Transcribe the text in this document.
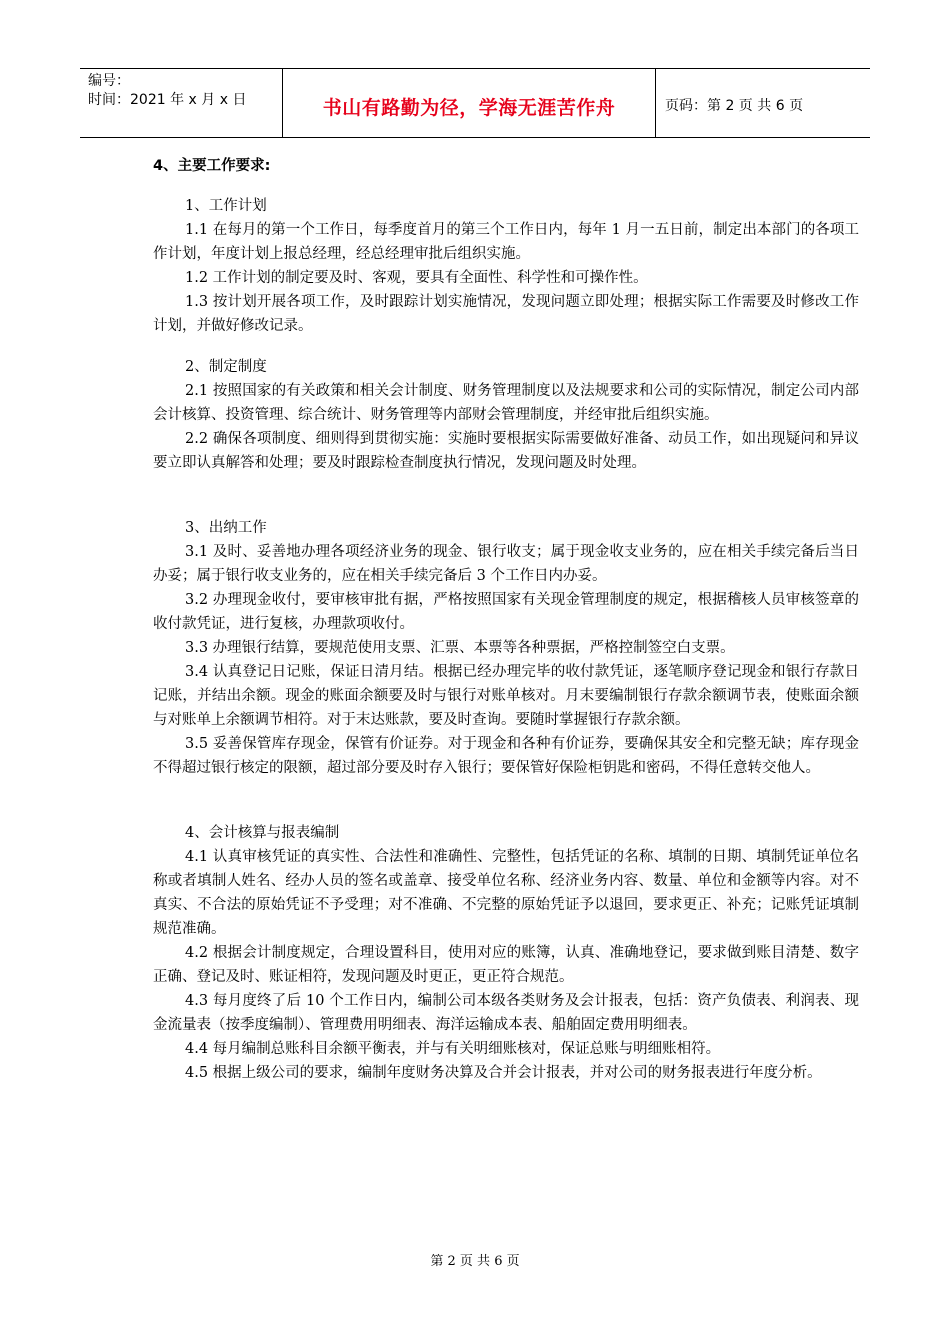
编号：
时间：2021 年 x 月 x 日	书山有路勤为径，学海无涯苦作舟	页码：第 2 页 共 6 页
4、主要工作要求:

1、工作计划

1.1 在每月的第一个工作日，每季度首月的第三个工作日内，每年 1 月一五日前，制定出本部门的各项工作计划，年度计划上报总经理，经总经理审批后组织实施。

1.2 工作计划的制定要及时、客观，要具有全面性、科学性和可操作性。

1.3 按计划开展各项工作，及时跟踪计划实施情况，发现问题立即处理；根据实际工作需要及时修改工作计划，并做好修改记录。

2、制定制度

2.1 按照国家的有关政策和相关会计制度、财务管理制度以及法规要求和公司的实际情况，制定公司内部会计核算、投资管理、综合统计、财务管理等内部财会管理制度，并经审批后组织实施。

2.2 确保各项制度、细则得到贯彻实施：实施时要根据实际需要做好准备、动员工作，如出现疑问和异议要立即认真解答和处理；要及时跟踪检查制度执行情况，发现问题及时处理。

3、出纳工作

3.1 及时、妥善地办理各项经济业务的现金、银行收支；属于现金收支业务的，应在相关手续完备后当日办妥；属于银行收支业务的，应在相关手续完备后 3 个工作日内办妥。

3.2 办理现金收付，要审核审批有据，严格按照国家有关现金管理制度的规定，根据稽核人员审核签章的收付款凭证，进行复核，办理款项收付。

3.3 办理银行结算，要规范使用支票、汇票、本票等各种票据，严格控制签空白支票。

3.4 认真登记日记账，保证日清月结。根据已经办理完毕的收付款凭证，逐笔顺序登记现金和银行存款日记账，并结出余额。现金的账面余额要及时与银行对账单核对。月末要编制银行存款余额调节表，使账面余额与对账单上余额调节相符。对于末达账款，要及时查询。要随时掌握银行存款余额。

3.5 妥善保管库存现金，保管有价证券。对于现金和各种有价证券，要确保其安全和完整无缺；库存现金不得超过银行核定的限额，超过部分要及时存入银行；要保管好保险柜钥匙和密码，不得任意转交他人。

4、会计核算与报表编制

4.1 认真审核凭证的真实性、合法性和准确性、完整性，包括凭证的名称、填制的日期、填制凭证单位名称或者填制人姓名、经办人员的签名或盖章、接受单位名称、经济业务内容、数量、单位和金额等内容。对不真实、不合法的原始凭证不予受理；对不准确、不完整的原始凭证予以退回，要求更正、补充；记账凭证填制规范准确。

4.2 根据会计制度规定，合理设置科目，使用对应的账簿，认真、准确地登记，要求做到账目清楚、数字正确、登记及时、账证相符，发现问题及时更正，更正符合规范。

4.3 每月度终了后 10 个工作日内，编制公司本级各类财务及会计报表，包括：资产负债表、利润表、现金流量表（按季度编制）、管理费用明细表、海洋运输成本表、船舶固定费用明细表。

4.4 每月编制总账科目余额平衡表，并与有关明细账核对，保证总账与明细账相符。

4.5 根据上级公司的要求，编制年度财务决算及合并会计报表，并对公司的财务报表进行年度分析。

第 2 页 共 6 页
